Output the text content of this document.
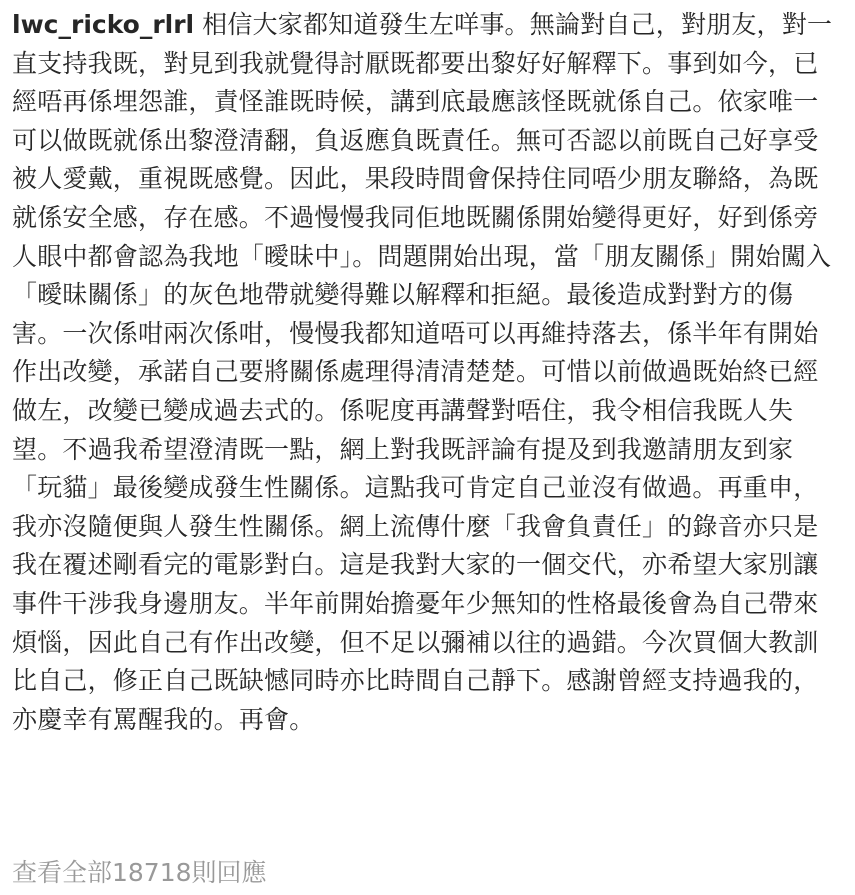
lwc_ricko_rlrl 相信大家都知道發生左咩事。無論對自己，對朋友，對一直支持我既，對見到我就覺得討厭既都要出黎好好解釋下。事到如今，已經唔再係埋怨誰，責怪誰既時候，講到底最應該怪既就係自己。依家唯一可以做既就係出黎澄清翻，負返應負既責任。無可否認以前既自己好享受被人愛戴，重視既感覺。因此，果段時間會保持住同唔少朋友聯絡，為既就係安全感，存在感。不過慢慢我同佢地既關係開始變得更好，好到係旁人眼中都會認為我地「曖昧中」。問題開始出現，當「朋友關係」開始闖入「曖昧關係」的灰色地帶就變得難以解釋和拒絕。最後造成對對方的傷害。一次係咁兩次係咁，慢慢我都知道唔可以再維持落去，係半年有開始作出改變，承諾自己要將關係處理得清清楚楚。可惜以前做過既始終已經做左，改變已變成過去式的。係呢度再講聲對唔住，我令相信我既人失望。不過我希望澄清既一點，網上對我既評論有提及到我邀請朋友到家「玩貓」最後變成發生性關係。這點我可肯定自己並沒有做過。再重申，我亦沒隨便與人發生性關係。網上流傳什麼「我會負責任」的錄音亦只是我在覆述剛看完的電影對白。這是我對大家的一個交代，亦希望大家別讓事件干涉我身邊朋友。半年前開始擔憂年少無知的性格最後會為自己帶來煩惱，因此自己有作出改變，但不足以彌補以往的過錯。今次買個大教訓比自己，修正自己既缺憾同時亦比時間自己靜下。感謝曾經支持過我的，亦慶幸有罵醒我的。再會。
查看全部18718則回應
